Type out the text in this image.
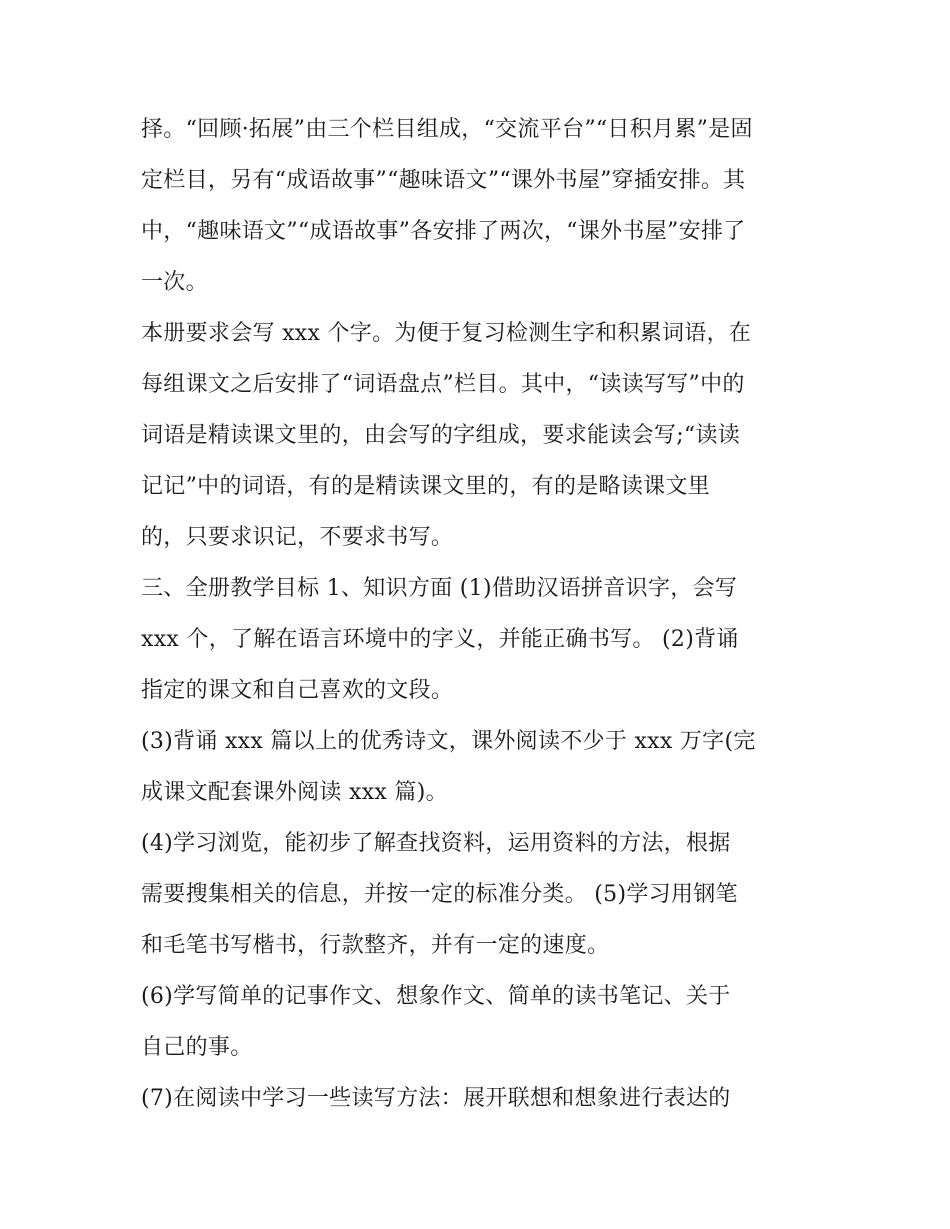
择。“回顾·拓展”由三个栏目组成，“交流平台”“日积月累”是固
定栏目，另有“成语故事”“趣味语文”“课外书屋”穿插安排。其
中，“趣味语文”“成语故事”各安排了两次，“课外书屋”安排了
一次。
本册要求会写 xxx 个字。为便于复习检测生字和积累词语，在
每组课文之后安排了“词语盘点”栏目。其中，“读读写写”中的
词语是精读课文里的，由会写的字组成，要求能读会写;“读读
记记”中的词语，有的是精读课文里的，有的是略读课文里
的，只要求识记，不要求书写。
三、全册教学目标 1、知识方面 (1)借助汉语拼音识字，会写
xxx 个，了解在语言环境中的字义，并能正确书写。 (2)背诵
指定的课文和自己喜欢的文段。
(3)背诵 xxx 篇以上的优秀诗文，课外阅读不少于 xxx 万字(完
成课文配套课外阅读 xxx 篇)。
(4)学习浏览，能初步了解查找资料，运用资料的方法，根据
需要搜集相关的信息，并按一定的标准分类。 (5)学习用钢笔
和毛笔书写楷书，行款整齐，并有一定的速度。
(6)学写简单的记事作文、想象作文、简单的读书笔记、关于
自己的事。
(7)在阅读中学习一些读写方法：展开联想和想象进行表达的
